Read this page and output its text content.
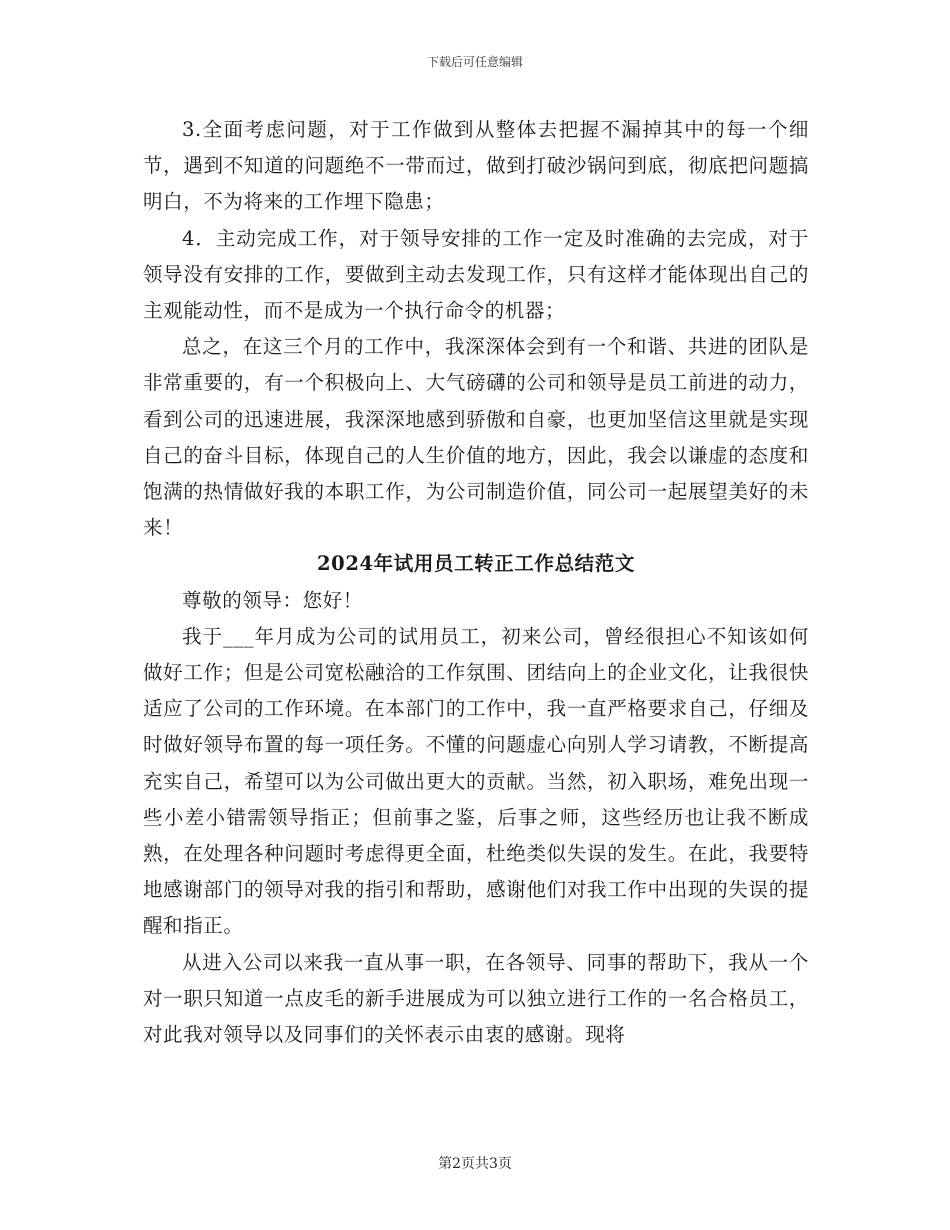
下载后可任意编辑

3.全面考虑问题，对于工作做到从整体去把握不漏掉其中的每一个细节，遇到不知道的问题绝不一带而过，做到打破沙锅问到底，彻底把问题搞明白，不为将来的工作埋下隐患；

4．主动完成工作，对于领导安排的工作一定及时准确的去完成，对于领导没有安排的工作，要做到主动去发现工作，只有这样才能体现出自己的主观能动性，而不是成为一个执行命令的机器；

总之，在这三个月的工作中，我深深体会到有一个和谐、共进的团队是非常重要的，有一个积极向上、大气磅礴的公司和领导是员工前进的动力，看到公司的迅速进展，我深深地感到骄傲和自豪，也更加坚信这里就是实现自己的奋斗目标，体现自己的人生价值的地方，因此，我会以谦虚的态度和饱满的热情做好我的本职工作，为公司制造价值，同公司一起展望美好的未来！

2024年试用员工转正工作总结范文

尊敬的领导：您好！

我于___年月成为公司的试用员工，初来公司，曾经很担心不知该如何做好工作；但是公司宽松融洽的工作氛围、团结向上的企业文化，让我很快适应了公司的工作环境。在本部门的工作中，我一直严格要求自己，仔细及时做好领导布置的每一项任务。不懂的问题虚心向别人学习请教，不断提高充实自己，希望可以为公司做出更大的贡献。当然，初入职场，难免出现一些小差小错需领导指正；但前事之鉴，后事之师，这些经历也让我不断成熟，在处理各种问题时考虑得更全面，杜绝类似失误的发生。在此，我要特地感谢部门的领导对我的指引和帮助，感谢他们对我工作中出现的失误的提醒和指正。

从进入公司以来我一直从事一职，在各领导、同事的帮助下，我从一个对一职只知道一点皮毛的新手进展成为可以独立进行工作的一名合格员工，对此我对领导以及同事们的关怀表示由衷的感谢。现将

第2页共3页
